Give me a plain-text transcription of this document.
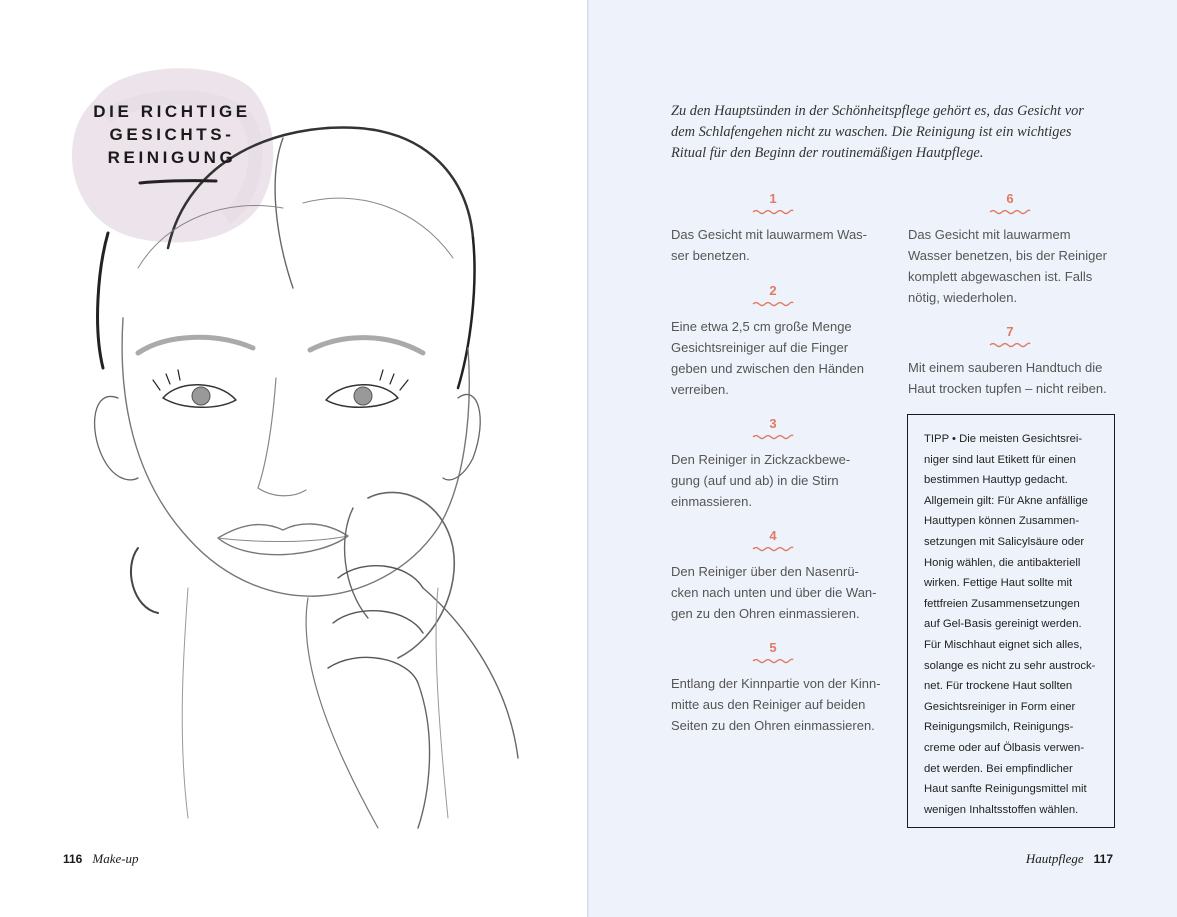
DIE RICHTIGE
GESICHTS-
REINIGUNG
116 Make-up
Zu den Hauptsünden in der Schönheitspflege gehört es, das Gesicht vor
dem Schlafengehen nicht zu waschen. Die Reinigung ist ein wichtiges
Ritual für den Beginn der routinemäßigen Hautpflege.
1
Das Gesicht mit lauwarmem Was-
ser benetzen.
2
Eine etwa 2,5 cm große Menge
Gesichtsreiniger auf die Finger
geben und zwischen den Händen
verreiben.
3
Den Reiniger in Zickzackbewe-
gung (auf und ab) in die Stirn
einmassieren.
4
Den Reiniger über den Nasenrü-
cken nach unten und über die Wan-
gen zu den Ohren einmassieren.
5
Entlang der Kinnpartie von der Kinn-
mitte aus den Reiniger auf beiden
Seiten zu den Ohren einmassieren.
6
Das Gesicht mit lauwarmem
Wasser benetzen, bis der Reiniger
komplett abgewaschen ist. Falls
nötig, wiederholen.
7
Mit einem sauberen Handtuch die
Haut trocken tupfen – nicht reiben.
TIPP • Die meisten Gesichtsrei-
niger sind laut Etikett für einen
bestimmen Hauttyp gedacht.
Allgemein gilt: Für Akne anfällige
Hauttypen können Zusammen-
setzungen mit Salicylsäure oder
Honig wählen, die antibakteriell
wirken. Fettige Haut sollte mit
fettfreien Zusammensetzungen
auf Gel-Basis gereinigt werden.
Für Mischhaut eignet sich alles,
solange es nicht zu sehr austrock-
net. Für trockene Haut sollten
Gesichtsreiniger in Form einer
Reinigungsmilch, Reinigungs-
creme oder auf Ölbasis verwen-
det werden. Bei empfindlicher
Haut sanfte Reinigungsmittel mit
wenigen Inhaltsstoffen wählen.
Hautpflege 117
